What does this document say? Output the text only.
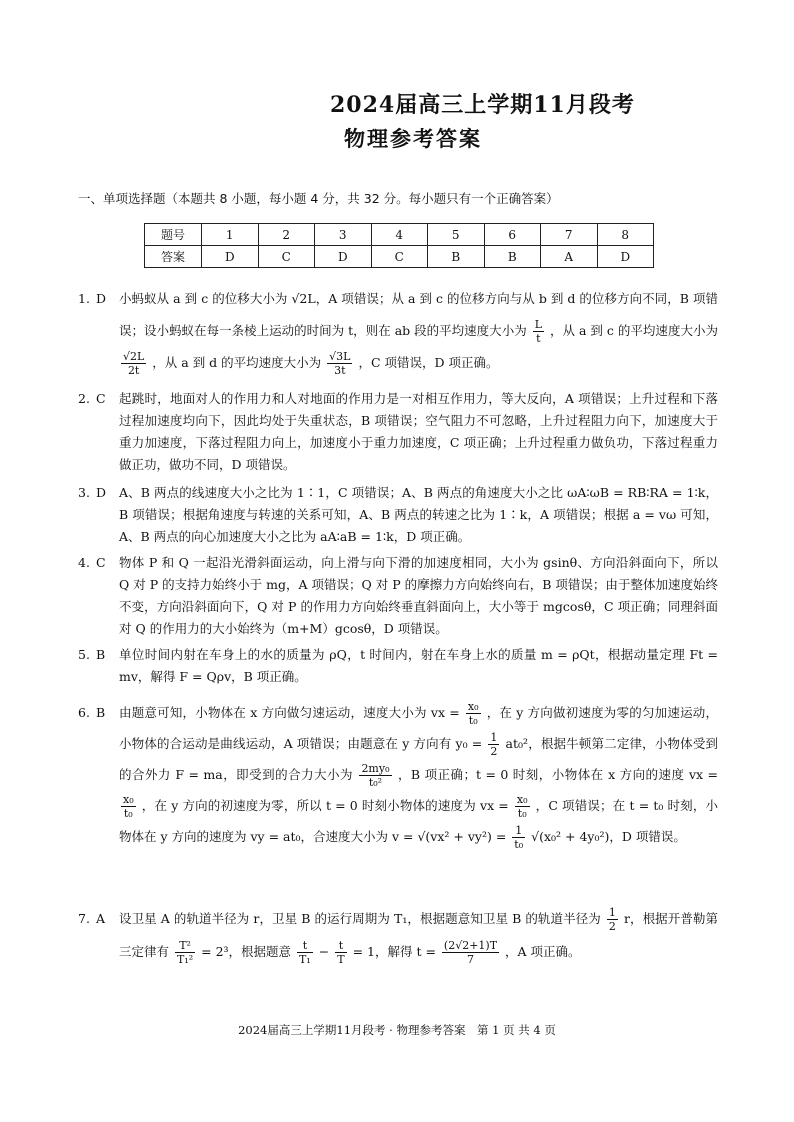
2024届高三上学期11月段考
物理参考答案
一、单项选择题（本题共 8 小题，每小题 4 分，共 32 分。每小题只有一个正确答案）
题号	1	2	3	4	5	6	7	8
答案	D	C	D	C	B	B	A	D
1. D	小蚂蚁从 a 到 c 的位移大小为 √2L，A 项错误；从 a 到 c 的位移方向与从 b 到 d 的位移方向不同，B 项错误；设小蚂蚁在每一条棱上运动的时间为 t，则在 ab 段的平均速度大小为 $\frac{L}{t}$ ，从 a 到 c 的平均速度大小为
$\frac{√2L}{2t}$ ，从 a 到 d 的平均速度大小为 $\frac{√3L}{3t}$ ，C 项错误，D 项正确。
2. C	起跳时，地面对人的作用力和人对地面的作用力是一对相互作用力，等大反向，A 项错误；上升过程和下落过程加速度均向下，因此均处于失重状态，B 项错误；空气阻力不可忽略，上升过程阻力向下，加速度大于重力加速度，下落过程阻力向上，加速度小于重力加速度，C 项正确；上升过程重力做负功，下落过程重力做正功，做功不同，D 项错误。
3. D	A、B 两点的线速度大小之比为 1∶1，C 项错误；A、B 两点的角速度大小之比 ωA∶ωB = RB∶RA = 1∶k，B 项错误；根据角速度与转速的关系可知，A、B 两点的转速之比为 1∶k，A 项错误；根据 a = vω 可知，A、B 两点的向心加速度大小之比为 aA∶aB = 1∶k，D 项正确。
4. C	物体 P 和 Q 一起沿光滑斜面运动，向上滑与向下滑的加速度相同，大小为 gsinθ、方向沿斜面向下，所以 Q 对 P 的支持力始终小于 mg，A 项错误；Q 对 P 的摩擦力方向始终向右，B 项错误；由于整体加速度始终不变，方向沿斜面向下，Q 对 P 的作用力方向始终垂直斜面向上，大小等于 mgcosθ，C 项正确；同理斜面对 Q 的作用力的大小始终为（m+M）gcosθ，D 项错误。
5. B	单位时间内射在车身上的水的质量为 ρQ，t 时间内，射在车身上水的质量 m = ρQt，根据动量定理 Ft = mv，解得 F = Qρv，B 项正确。
6. B	由题意可知，小物体在 x 方向做匀速运动，速度大小为 vx = $\frac{\text{x₀}}{\text{t₀}}$ ，在 y 方向做初速度为零的匀加速运动，小物体的合运动是曲线运动，A 项错误；由题意在 y 方向有 $y_0 = \frac{1}{2} at_0^2$，根据牛顿第二定律，小物体受到的合外力 F = ma，即受到的合力大小为 $\frac{\text{2my₀}}{\text{t₀²}}$ ，B 项正确；t = 0 时刻，小物体在 x 方向的速度 vx =
$\frac{\text{x₀}}{\text{t₀}}$ ，在 y 方向的初速度为零，所以 t = 0 时刻小物体的速度为 vx = $\frac{\text{x₀}}{\text{t₀}}$ ，C 项错误；在 t = t₀ 时刻，小物体在 y 方向的速度为 vy = at₀，合速度大小为 $v = √(vx^2 + vy^2) = \frac{1}{\text{t₀}} √(x_0^2 + 4y_0^2)$，D 项错误。
7. A	设卫星 A 的轨道半径为 r，卫星 B 的运行周期为 T₁，根据题意知卫星 B 的轨道半径为 $\frac{1}{2}$ r，根据开普勒第三定律有 $\frac{\text{T²}}{\text{T₁²}} = 2^3$，根据题意 $\frac{t}{\text{T₁}} - \frac{t}{T} = 1$，解得 $t = \frac{(2√2+1)T}{7}$ ，A 项正确。
2024届高三上学期11月段考 · 物理参考答案　第 1 页 共 4 页
